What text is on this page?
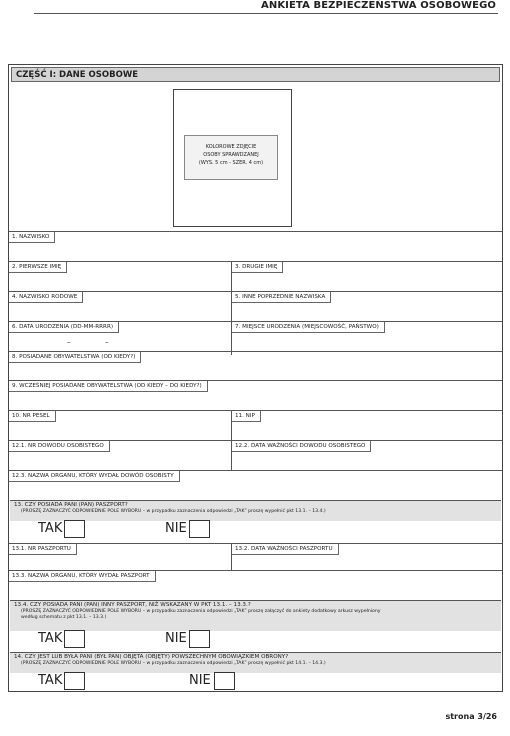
ANKIETA BEZPIECZEŃSTWA OSOBOWEGO
CZĘŚĆ I: DANE OSOBOWE
KOLOROWE ZDJĘCIE
OSOBY SPRAWDZANEJ
(WYS. 5 cm - SZER. 4 cm)
1. NAZWISKO
2. PIERWSZE IMIĘ	3. DRUGIE IMIĘ
4. NAZWISKO RODOWE	5. INNE POPRZEDNIE NAZWISKA
6. DATA URODZENIA (DD-MM-RRRR)	7. MIEJSCE URODZENIA (MIEJSCOWOŚĆ, PAŃSTWO)
–	–
8. POSIADANE OBYWATELSTWA (OD KIEDY?)
9. WCZEŚNIEJ POSIADANE OBYWATELSTWA (OD KIEDY – DO KIEDY?)
10. NR PESEL	11. NIP
12.1. NR DOWODU OSOBISTEGO	12.2. DATA WAŻNOŚCI DOWODU OSOBISTEGO
12.3. NAZWA ORGANU, KTÓRY WYDAŁ DOWÓD OSOBISTY
13. CZY POSIADA PANI (PAN) PASZPORT?
(PROSZĘ ZAZNACZYĆ ODPOWIEDNIE POLE WYBORU – w przypadku zaznaczenia odpowiedzi „TAK” proszę wypełnić pkt 13.1. – 13.4.)
TAK	NIE
13.1. NR PASZPORTU	13.2. DATA WAŻNOŚCI PASZPORTU
13.3. NAZWA ORGANU, KTÓRY WYDAŁ PASZPORT
13.4. CZY POSIADA PANI (PAN) INNY PASZPORT, NIŻ WSKAZANY W PKT 13.1. – 13.3.?
(PROSZĘ ZAZNACZYĆ ODPOWIEDNIE POLE WYBORU – w przypadku zaznaczenia odpowiedzi „TAK” proszę załączyć do ankiety dodatkowy arkusz wypełniony
według schematu z pkt 13.1. – 13.3.)
TAK	NIE
14. CZY JEST LUB BYŁA PANI (BYŁ PAN) OBJĘTA (OBJĘTY) POWSZECHNYM OBOWIĄZKIEM OBRONY?
(PROSZĘ ZAZNACZYĆ ODPOWIEDNIE POLE WYBORU – w przypadku zaznaczenia odpowiedzi „TAK” proszę wypełnić pkt 14.1. – 14.3.)
TAK	NIE
strona 3/26
